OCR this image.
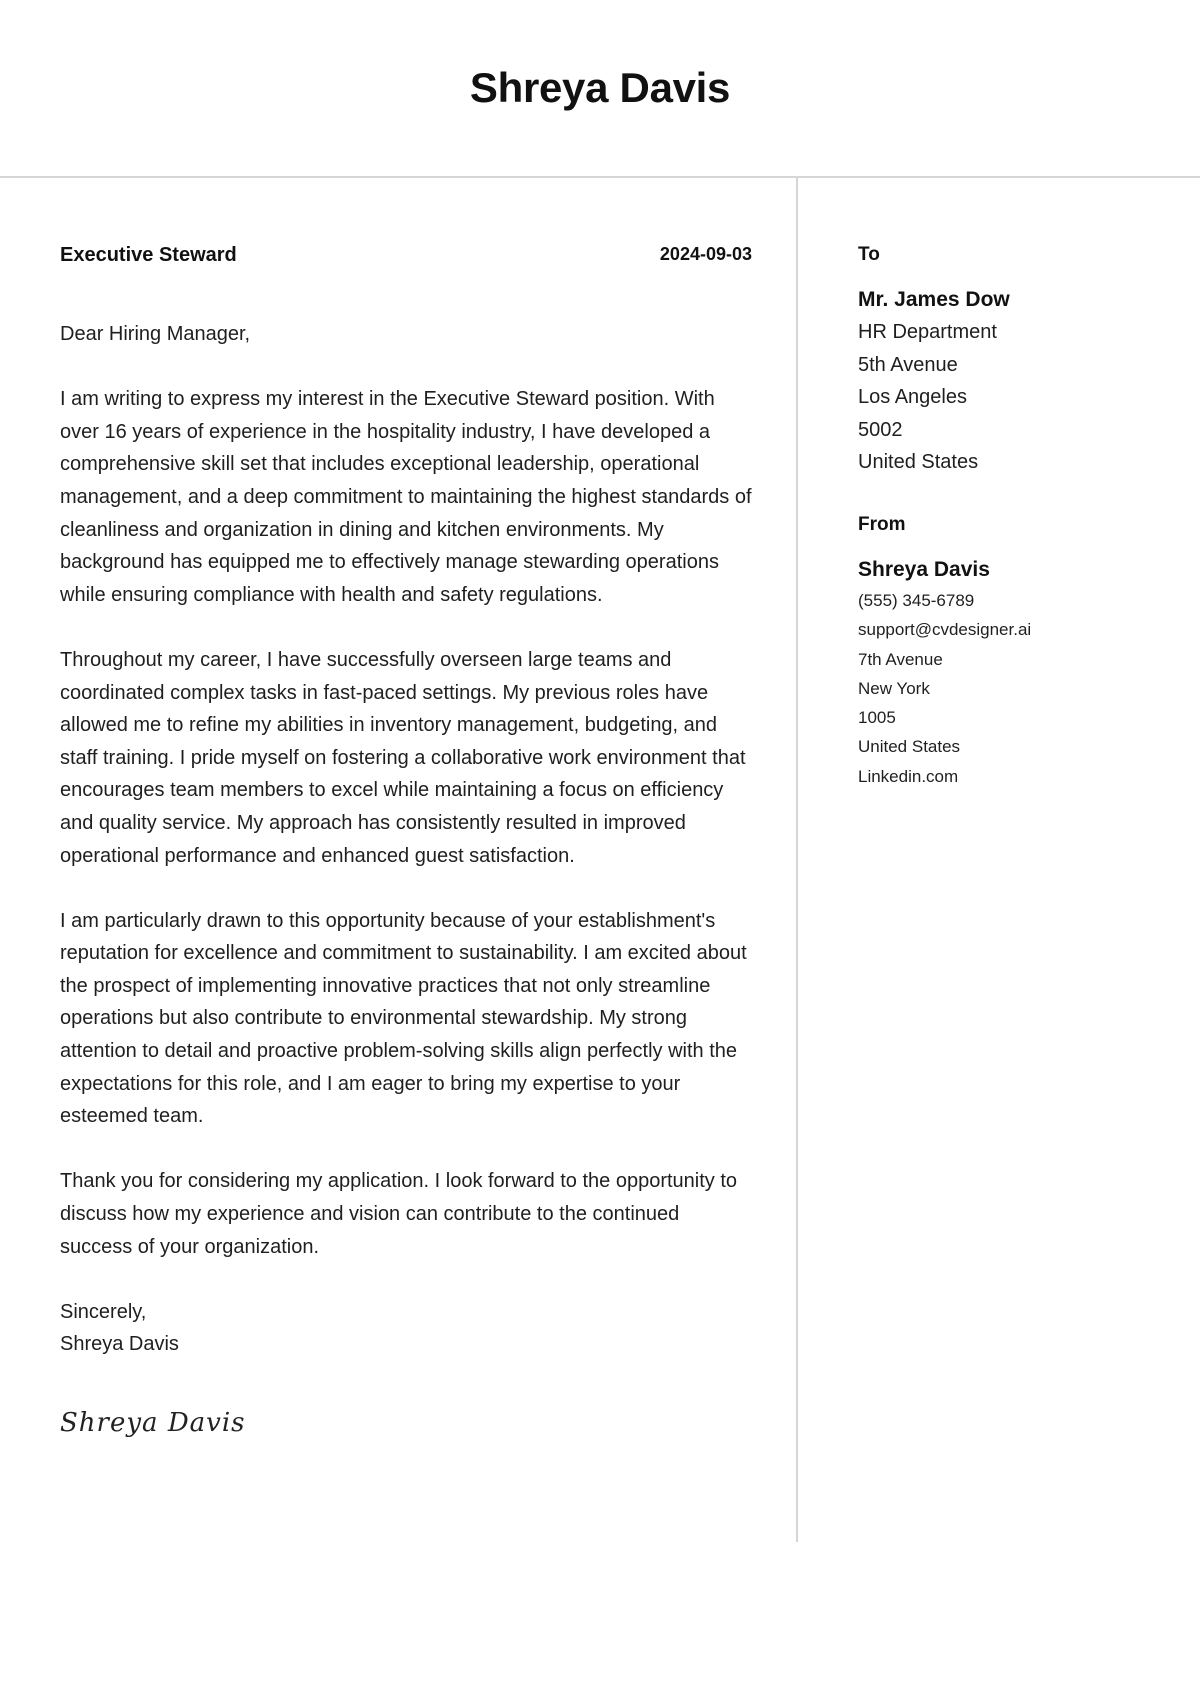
Shreya Davis
Executive Steward	2024-09-03

Dear Hiring Manager,

I am writing to express my interest in the Executive Steward position. With over 16 years of experience in the hospitality industry, I have developed a comprehensive skill set that includes exceptional leadership, operational management, and a deep commitment to maintaining the highest standards of cleanliness and organization in dining and kitchen environments. My background has equipped me to effectively manage stewarding operations while ensuring compliance with health and safety regulations.

Throughout my career, I have successfully overseen large teams and coordinated complex tasks in fast-paced settings. My previous roles have allowed me to refine my abilities in inventory management, budgeting, and staff training. I pride myself on fostering a collaborative work environment that encourages team members to excel while maintaining a focus on efficiency and quality service. My approach has consistently resulted in improved operational performance and enhanced guest satisfaction.

I am particularly drawn to this opportunity because of your establishment's reputation for excellence and commitment to sustainability. I am excited about the prospect of implementing innovative practices that not only streamline operations but also contribute to environmental stewardship. My strong attention to detail and proactive problem-solving skills align perfectly with the expectations for this role, and I am eager to bring my expertise to your esteemed team.

Thank you for considering my application. I look forward to the opportunity to discuss how my experience and vision can contribute to the continued success of your organization.

Sincerely,

Shreya Davis

Shreya Davis
To
Mr. James Dow
HR Department
5th Avenue
Los Angeles
5002
United States
From
Shreya Davis
(555) 345-6789
support@cvdesigner.ai
7th Avenue
New York
1005
United States
Linkedin.com
